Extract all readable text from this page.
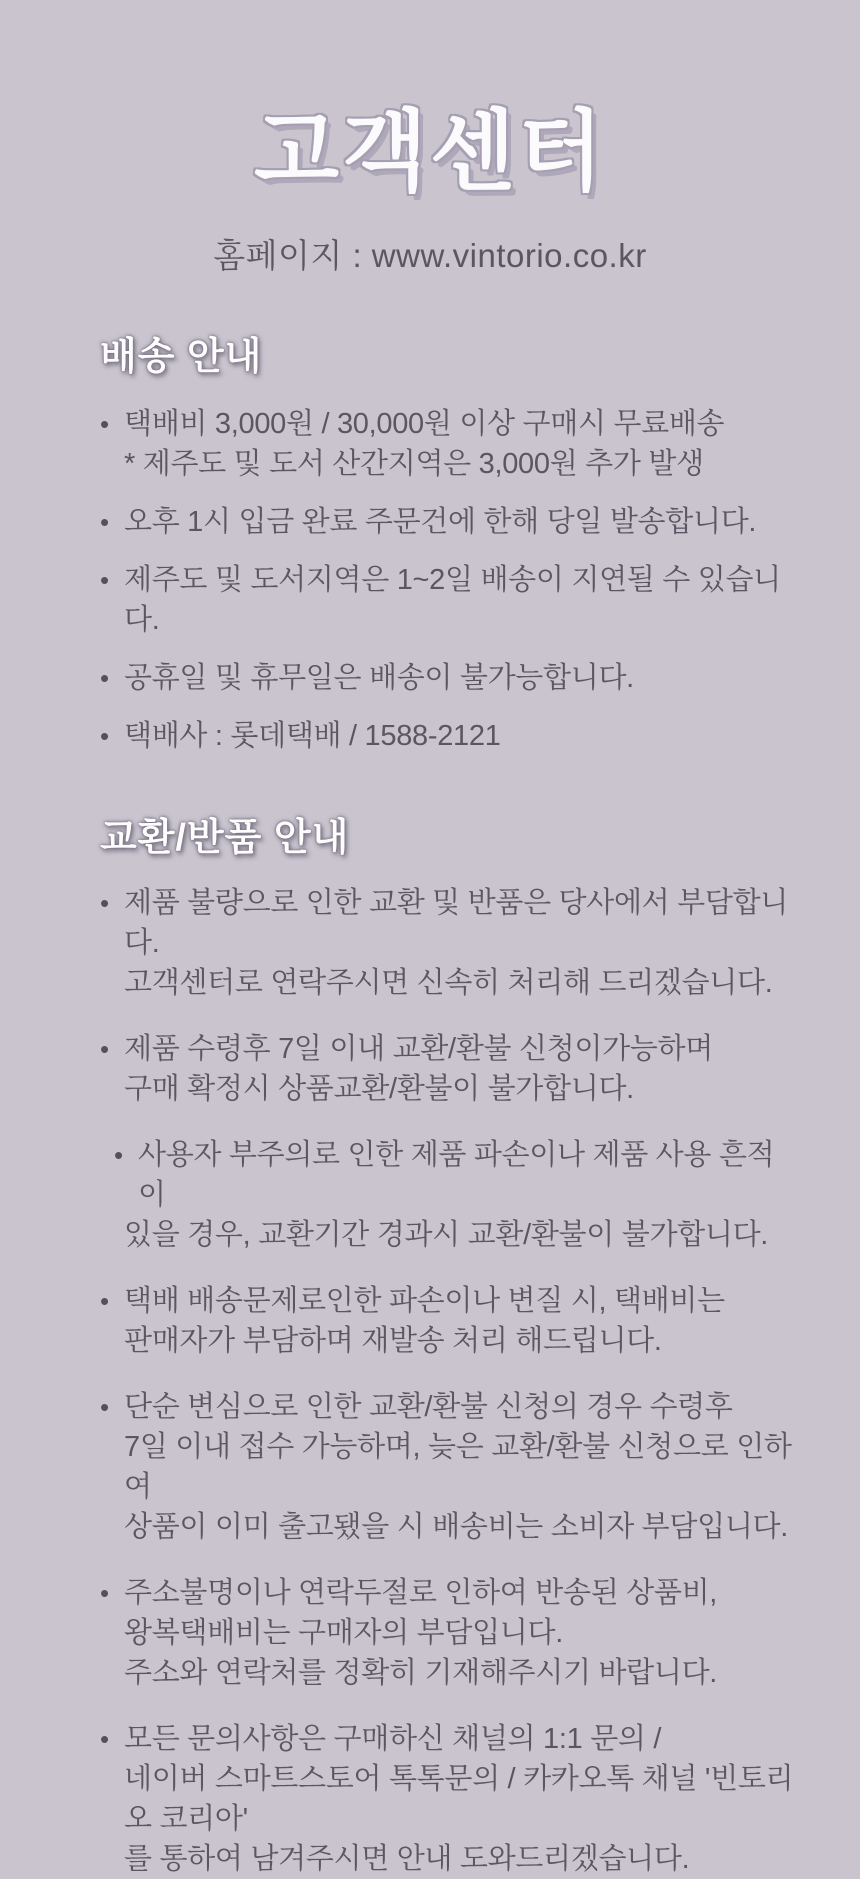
고객센터
홈페이지 : www.vintorio.co.kr
배송 안내
• 택배비 3,000원 / 30,000원 이상 구매시 무료배송
* 제주도 및 도서 산간지역은 3,000원 추가 발생
• 오후 1시 입금 완료 주문건에 한해 당일 발송합니다.
• 제주도 및 도서지역은 1~2일 배송이 지연될 수 있습니다.
• 공휴일 및 휴무일은 배송이 불가능합니다.
• 택배사 : 롯데택배 / 1588-2121
교환/반품 안내
• 제품 불량으로 인한 교환 및 반품은 당사에서 부담합니다.
고객센터로 연락주시면 신속히 처리해 드리겠습니다.
• 제품 수령후 7일 이내 교환/환불 신청이가능하며
구매 확정시 상품교환/환불이 불가합니다.
• 사용자 부주의로 인한 제품 파손이나 제품 사용 흔적이
있을 경우, 교환기간 경과시 교환/환불이 불가합니다.
• 택배 배송문제로인한 파손이나 변질 시, 택배비는
판매자가 부담하며 재발송 처리 해드립니다.
• 단순 변심으로 인한 교환/환불 신청의 경우 수령후
7일 이내 접수 가능하며, 늦은 교환/환불 신청으로 인하여
상품이 이미 출고됐을 시 배송비는 소비자 부담입니다.
• 주소불명이나 연락두절로 인하여 반송된 상품비,
왕복택배비는 구매자의 부담입니다.
주소와 연락처를 정확히 기재해주시기 바랍니다.
• 모든 문의사항은 구매하신 채널의 1:1 문의 /
네이버 스마트스토어 톡톡문의 / 카카오톡 채널 '빈토리오 코리아'
를 통하여 남겨주시면 안내 도와드리겠습니다.
